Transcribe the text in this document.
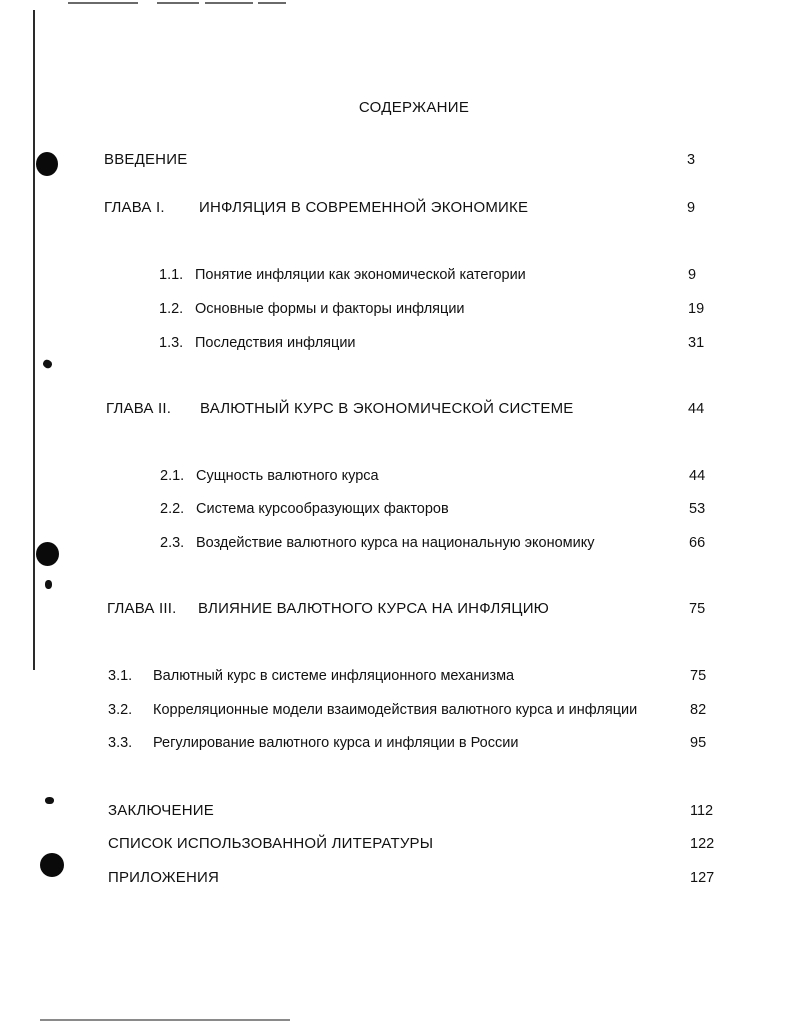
СОДЕРЖАНИЕ
ВВЕДЕНИЕ	3
ГЛАВА I. ИНФЛЯЦИЯ В СОВРЕМЕННОЙ ЭКОНОМИКЕ	9
1.1. Понятие инфляции как экономической категории	9
1.2. Основные формы и факторы инфляции	19
1.3. Последствия инфляции	31
ГЛАВА II. ВАЛЮТНЫЙ КУРС В ЭКОНОМИЧЕСКОЙ СИСТЕМЕ	44
2.1. Сущность валютного курса	44
2.2. Система курсообразующих факторов	53
2.3. Воздействие валютного курса на национальную экономику	66
ГЛАВА III. ВЛИЯНИЕ ВАЛЮТНОГО КУРСА НА ИНФЛЯЦИЮ	75
3.1. Валютный курс в системе инфляционного механизма	75
3.2. Корреляционные модели взаимодействия валютного курса и инфляции	82
3.3. Регулирование валютного курса и инфляции в России	95
ЗАКЛЮЧЕНИЕ	112
СПИСОК ИСПОЛЬЗОВАННОЙ ЛИТЕРАТУРЫ	122
ПРИЛОЖЕНИЯ	127
